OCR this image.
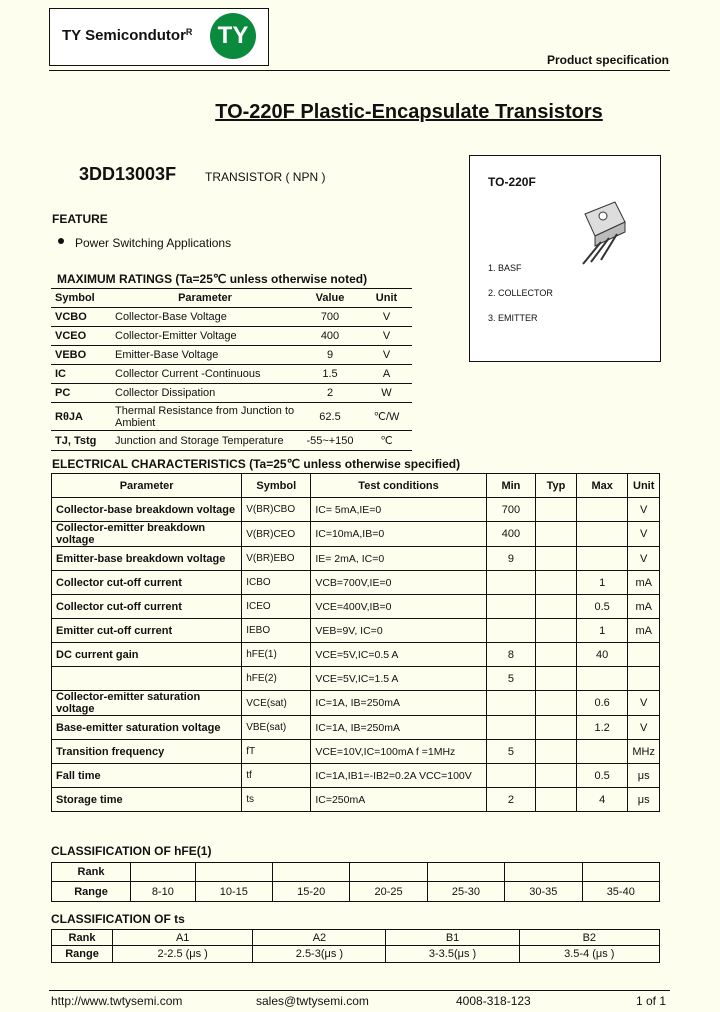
TY Semicondutor$^R$	TY
Product specification
TO-220F Plastic-Encapsulate Transistors
3DD13003F TRANSISTOR ( NPN )	TO-220F
1. BASF
2. COLLECTOR
3. EMITTER
FEATURE
Power Switching Applications
MAXIMUM RATINGS (Ta=25℃ unless otherwise noted)
Symbol	Parameter	Value	Unit
VCBO	Collector-Base Voltage	700	V
VCEO	Collector-Emitter Voltage	400	V
VEBO	Emitter-Base Voltage	9	V
IC	Collector Current -Continuous	1.5	A
PC	Collector Dissipation	2	W
RθJA	Thermal Resistance from Junction to Ambient	62.5	℃/W
TJ, Tstg	Junction and Storage Temperature	-55~+150	℃
ELECTRICAL CHARACTERISTICS (Ta=25℃ unless otherwise specified)
Parameter	Symbol	Test conditions	Min	Typ	Max	Unit
Collector-base breakdown voltage	V(BR)CBO	IC= 5mA,IE=0	700			V
Collector-emitter breakdown voltage	V(BR)CEO	IC=10mA,IB=0	400			V
Emitter-base breakdown voltage	V(BR)EBO	IE= 2mA, IC=0	9			V
Collector cut-off current	ICBO	VCB=700V,IE=0			1	mA
Collector cut-off current	ICEO	VCE=400V,IB=0			0.5	mA
Emitter cut-off current	IEBO	VEB=9V, IC=0			1	mA
DC current gain	hFE(1)	VCE=5V,IC=0.5 A	8		40	
	hFE(2)	VCE=5V,IC=1.5 A	5			
Collector-emitter saturation voltage	VCE(sat)	IC=1A, IB=250mA			0.6	V
Base-emitter saturation voltage	VBE(sat)	IC=1A, IB=250mA			1.2	V
Transition frequency	fT	VCE=10V,IC=100mA f =1MHz	5			MHz
Fall time	tf	IC=1A,IB1=-IB2=0.2A VCC=100V			0.5	μs
Storage time	ts	IC=250mA	2		4	μs
CLASSIFICATION OF hFE(1)
Rank							
Range	8-10	10-15	15-20	20-25	25-30	30-35	35-40
CLASSIFICATION OF ts
Rank	A1	A2	B1	B2
Range	2-2.5 (μs )	2.5-3(μs )	3-3.5(μs )	3.5-4 (μs )
http://www.twtysemi.com	sales@twtysemi.com	4008-318-123	1 of 1
